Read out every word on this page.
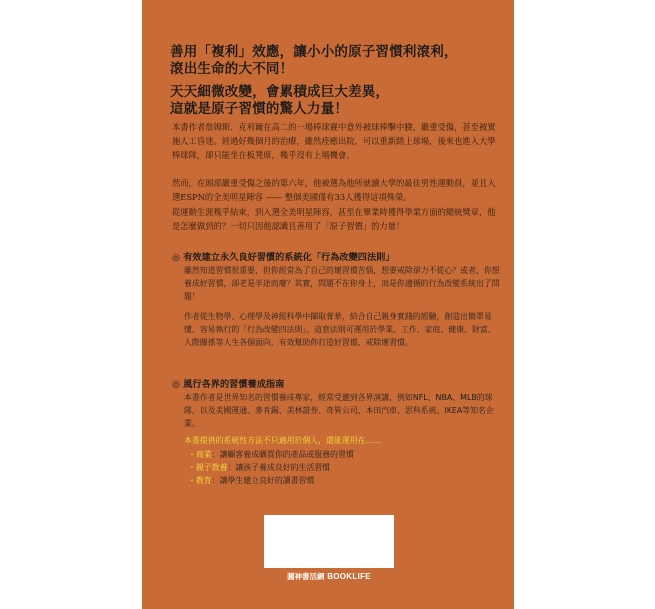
善用「複利」效應，讓小小的原子習慣利滾利，
滾出生命的大不同！
天天細微改變，會累積成巨大差異，
這就是原子習慣的驚人力量！
本書作者詹姆斯．克利爾在高二的一場棒球賽中意外被球棒擊中臉，嚴重受傷，甚至被實施人工昏迷。經過好幾個月的治療，雖然痊癒出院，可以重新踏上球場，後來也進入大學棒球隊，卻只能坐在板凳席，幾乎沒有上場機會。
然而，在頭部嚴重受傷之後的第六年，他被選為他所就讀大學的最佳男性運動員，並且入選ESPN的全美明星陣容 —— 整個美國僅有33人獲得這項殊榮。
從運動生涯幾乎結束，到入選全美明星陣容，甚至在畢業時獲得學業方面的總統獎章，他是怎麼做到的？一切只因他認識且善用了「原子習慣」的力量！
◎ 有效建立永久良好習慣的系統化「行為改變四法則」
雖然知道習慣很重要，但你經常為了自己的壞習慣苦惱，想要戒除卻力不從心？或者，你想養成好習慣，卻老是半途而廢？其實，問題不在你身上，而是你遵循的行為改變系統出了問題！
作者從生物學、心理學及神經科學中擷取菁華，結合自己親身實踐的經驗，創造出簡單易懂、容易執行的「行為改變四法則」。這套法則可運用於學業、工作、家庭、健康、財富、人際關係等人生各個面向，有效幫助你打造好習慣、戒除壞習慣。
◎ 風行各界的習慣養成指南
本書作者是世界知名的習慣養成專家，經常受邀到各界演講，例如NFL、NBA、MLB的球隊，以及美國運通、麥肯錫、美林證券、奇異公司、本田汽車、思科系統、IKEA等知名企業。
本書提供的系統性方法不只適用於個人，還能運用在……
・商業：讓顧客養成購買你的產品或服務的習慣
・親子教養：讓孩子養成良好的生活習慣
・教育：讓學生建立良好的讀書習慣
圓神書活網 BOOKLIFE
